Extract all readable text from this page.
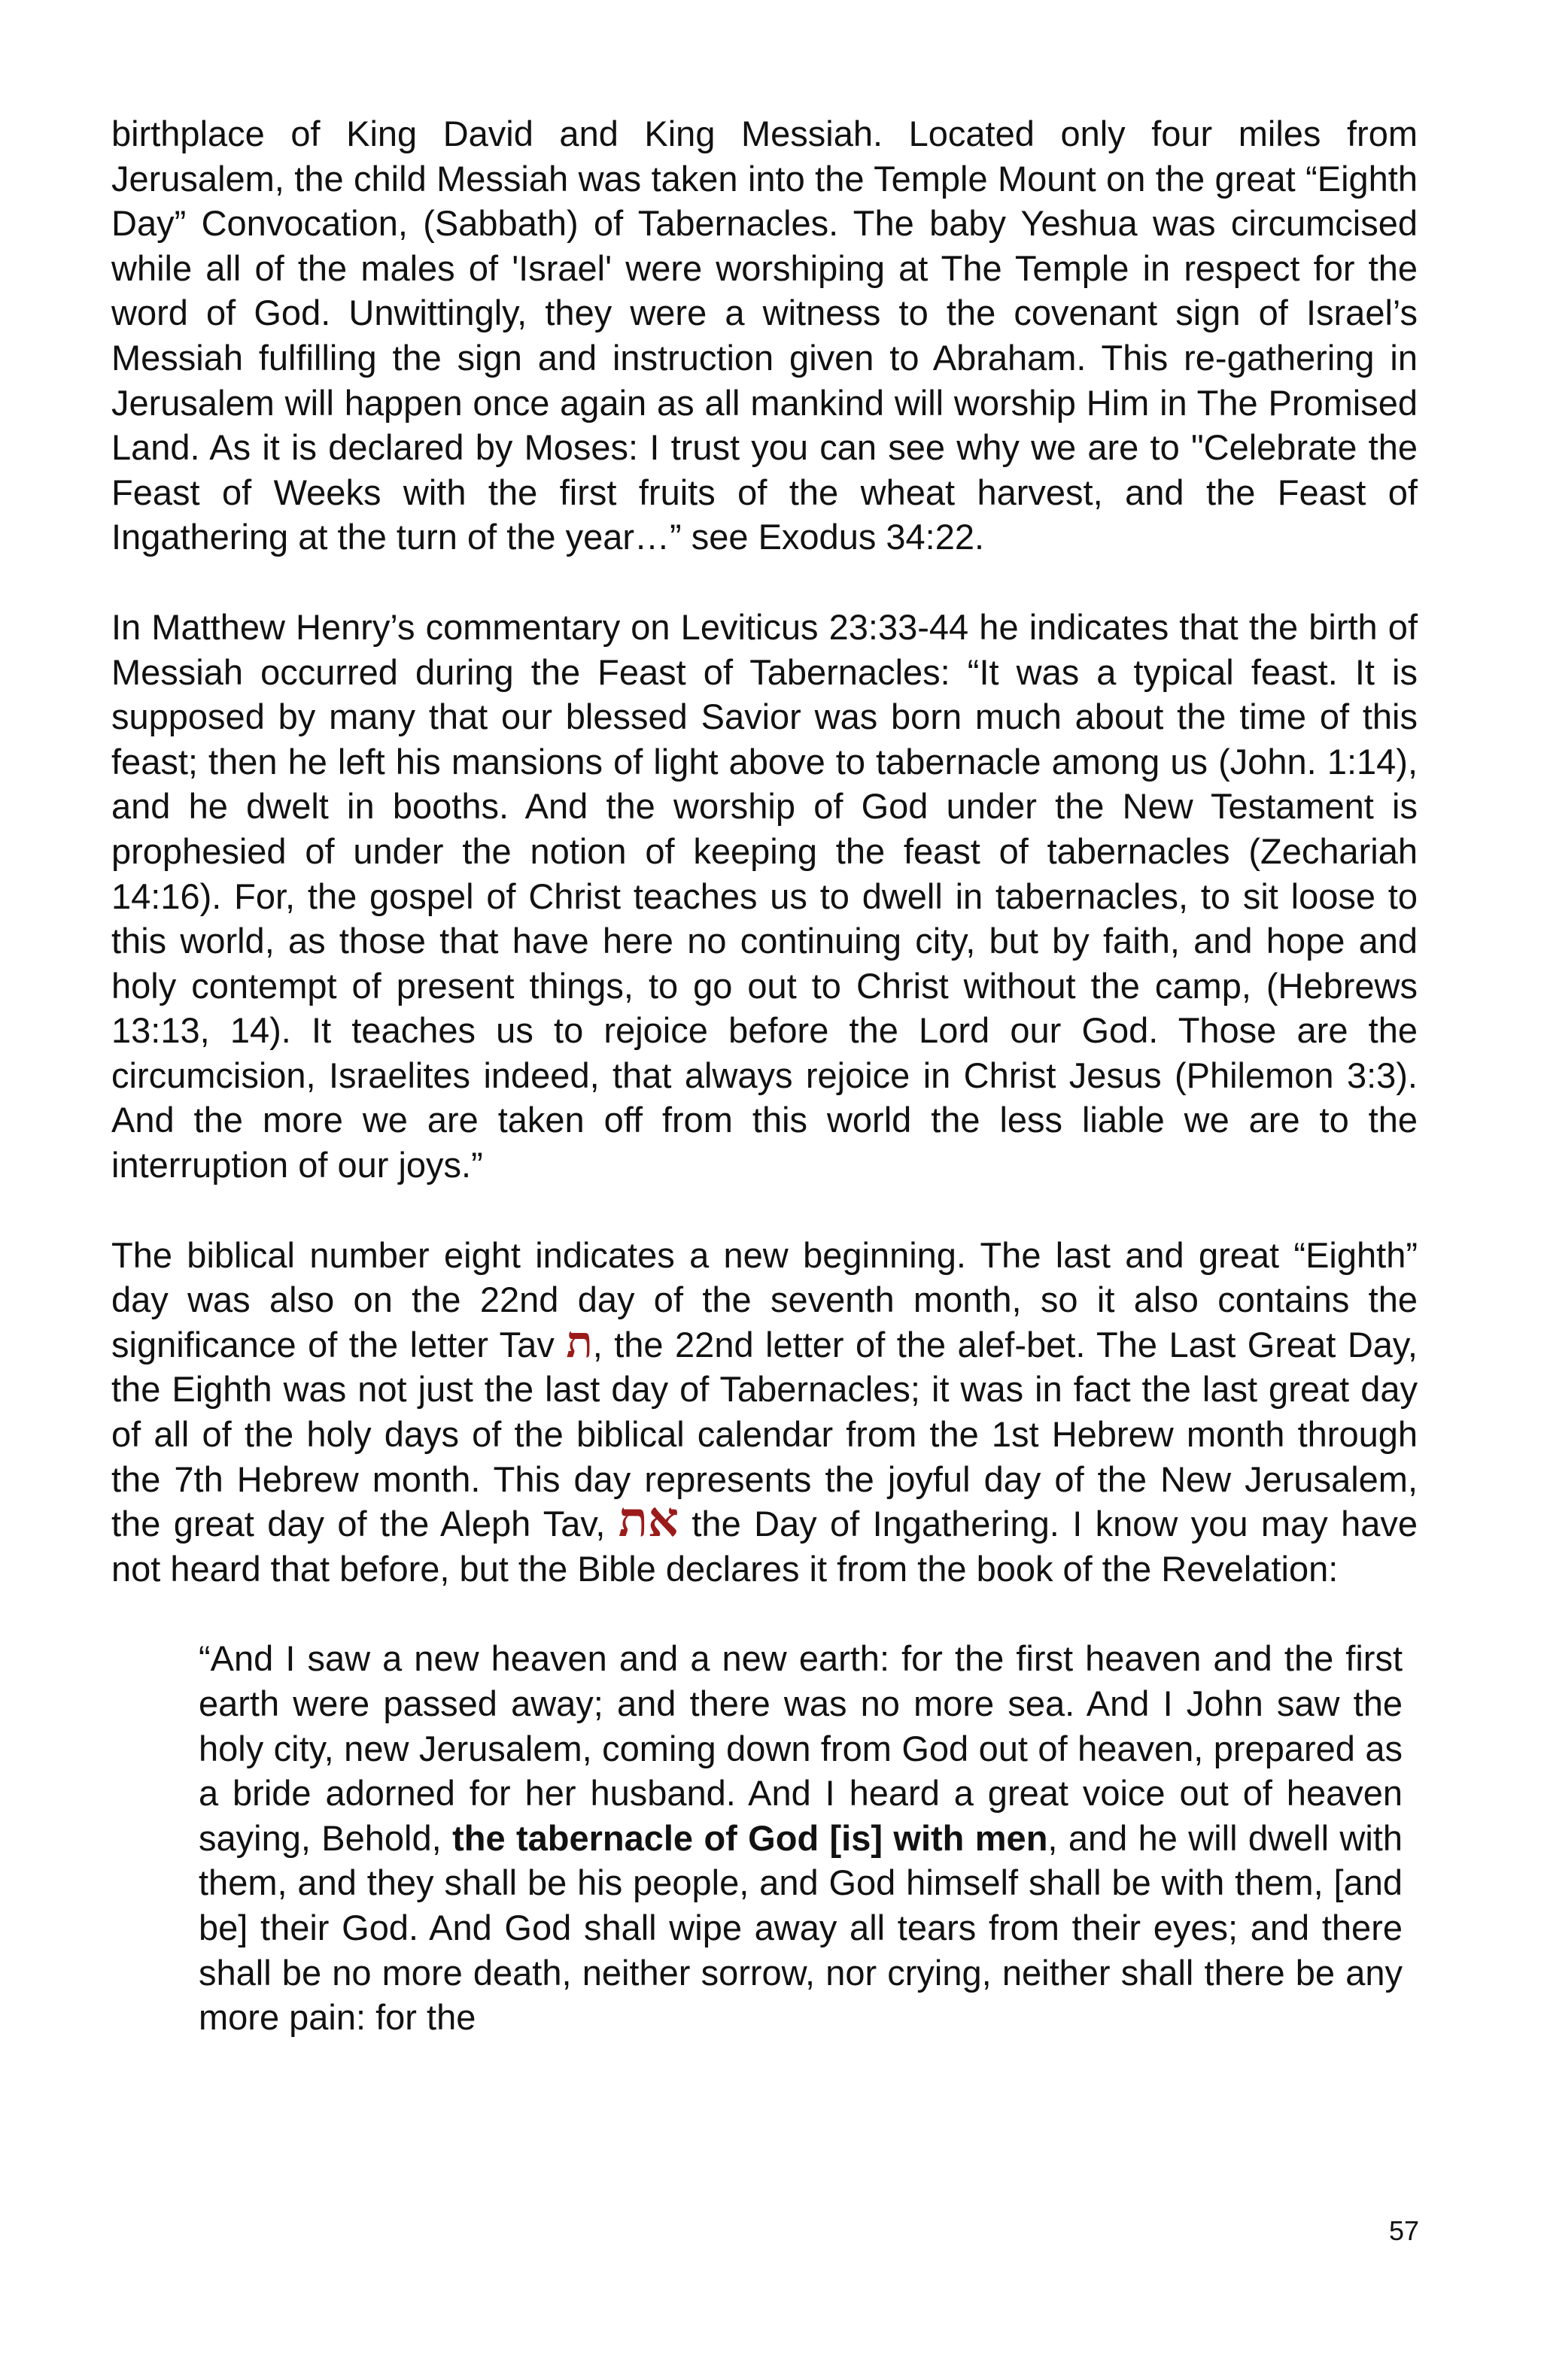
birthplace of King David and King Messiah. Located only four miles from Jerusalem, the child Messiah was taken into the Temple Mount on the great “Eighth Day” Convocation, (Sabbath) of Tabernacles. The baby Yeshua was circumcised while all of the males of 'Israel' were worshiping at The Temple in respect for the word of God. Unwittingly, they were a witness to the covenant sign of Israel’s Messiah fulfilling the sign and instruction given to Abraham. This re-gathering in Jerusalem will happen once again as all mankind will worship Him in The Promised Land. As it is declared by Moses: I trust you can see why we are to "Celebrate the Feast of Weeks with the first fruits of the wheat harvest, and the Feast of Ingathering at the turn of the year…” see Exodus 34:22.

In Matthew Henry’s commentary on Leviticus 23:33-44 he indicates that the birth of Messiah occurred during the Feast of Tabernacles: “It was a typical feast. It is supposed by many that our blessed Savior was born much about the time of this feast; then he left his mansions of light above to tabernacle among us (John. 1:14), and he dwelt in booths. And the worship of God under the New Testament is prophesied of under the notion of keeping the feast of tabernacles (Zechariah 14:16). For, the gospel of Christ teaches us to dwell in tabernacles, to sit loose to this world, as those that have here no continuing city, but by faith, and hope and holy contempt of present things, to go out to Christ without the camp, (Hebrews 13:13, 14). It teaches us to rejoice before the Lord our God. Those are the circumcision, Israelites indeed, that always rejoice in Christ Jesus (Philemon 3:3). And the more we are taken off from this world the less liable we are to the interruption of our joys.”

The biblical number eight indicates a new beginning. The last and great “Eighth” day was also on the 22nd day of the seventh month, so it also contains the significance of the letter Tav ת, the 22nd letter of the alef-bet. The Last Great Day, the Eighth was not just the last day of Tabernacles; it was in fact the last great day of all of the holy days of the biblical calendar from the 1st Hebrew month through the 7th Hebrew month. This day represents the joyful day of the New Jerusalem, the great day of the Aleph Tav, את the Day of Ingathering. I know you may have not heard that before, but the Bible declares it from the book of the Revelation:

“And I saw a new heaven and a new earth: for the first heaven and the first earth were passed away; and there was no more sea. And I John saw the holy city, new Jerusalem, coming down from God out of heaven, prepared as a bride adorned for her husband. And I heard a great voice out of heaven saying, Behold, the tabernacle of God [is] with men, and he will dwell with them, and they shall be his people, and God himself shall be with them, [and be] their God. And God shall wipe away all tears from their eyes; and there shall be no more death, neither sorrow, nor crying, neither shall there be any more pain: for the

57
